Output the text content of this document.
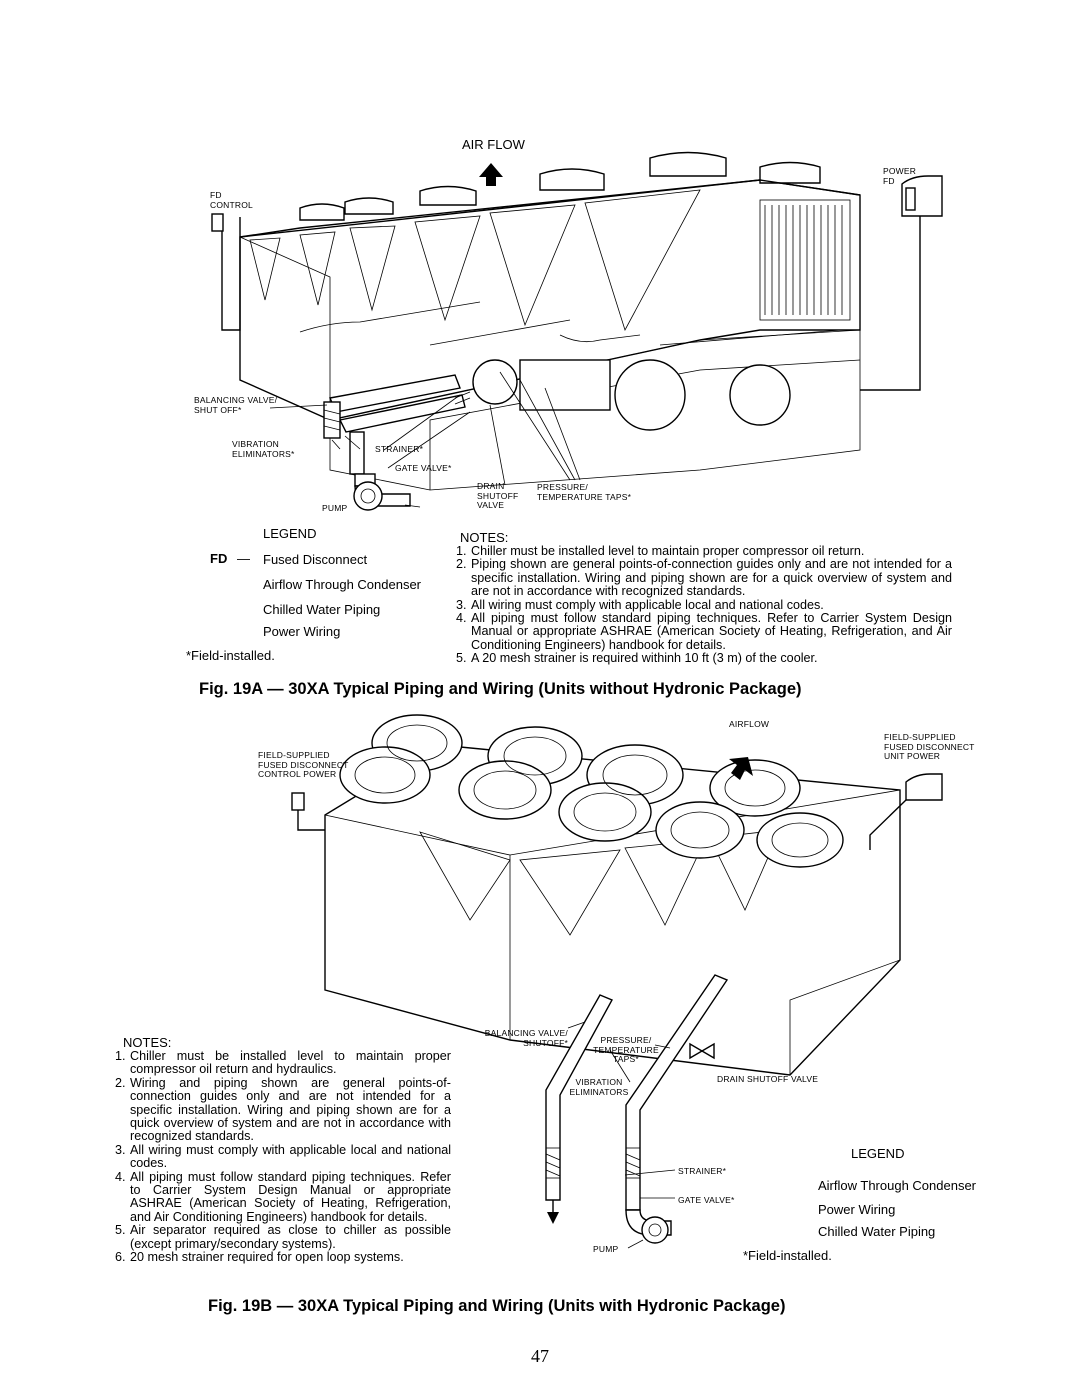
AIR FLOW
POWER
FD
FD
CONTROL
BALANCING VALVE/
SHUT OFF*
VIBRATION
ELIMINATORS*	STRAINER*
GATE VALVE*
DRAIN
SHUTOFF
VALVE
PRESSURE/
TEMPERATURE TAPS*
PUMP
LEGEND
FD — Fused Disconnect
Airflow Through Condenser
Chilled Water Piping
Power Wiring
*Field-installed.
NOTES:
1. Chiller must be installed level to maintain proper compressor oil return.
2. Piping shown are general points-of-connection guides only and are not intended for a specific installation. Wiring and piping shown are for a quick overview of system and are not in accordance with recognized standards.
3. All wiring must comply with applicable local and national codes.
4. All piping must follow standard piping techniques. Refer to Carrier System Design Manual or appropriate ASHRAE (American Society of Heating, Refrigeration, and Air Conditioning Engineers) handbook for details.
5. A 20 mesh strainer is required withinh 10 ft (3 m) of the cooler.
Fig. 19A — 30XA Typical Piping and Wiring (Units without Hydronic Package)
AIRFLOW
FIELD-SUPPLIED
FUSED DISCONNECT
UNIT POWER
FIELD-SUPPLIED
FUSED DISCONNECT
CONTROL POWER
BALANCING VALVE/
SHUTOFF*	PRESSURE/
TEMPERATURE
TAPS*
DRAIN SHUTOFF VALVE
VIBRATION
ELIMINATORS
STRAINER*
GATE VALVE*
PUMP
LEGEND
Airflow Through Condenser
Power Wiring
Chilled Water Piping
*Field-installed.
NOTES:
1. Chiller must be installed level to maintain proper compressor oil return and hydraulics.
2. Wiring and piping shown are general points-of-connection guides only and are not intended for a specific installation. Wiring and piping shown are for a quick overview of system and are not in accordance with recognized standards.
3. All wiring must comply with applicable local and national codes.
4. All piping must follow standard piping techniques. Refer to Carrier System Design Manual or appropriate ASHRAE (American Society of Heating, Refrigeration, and Air Conditioning Engineers) handbook for details.
5. Air separator required as close to chiller as possible (except primary/secondary systems).
6. 20 mesh strainer required for open loop systems.
Fig. 19B — 30XA Typical Piping and Wiring (Units with Hydronic Package)
47
